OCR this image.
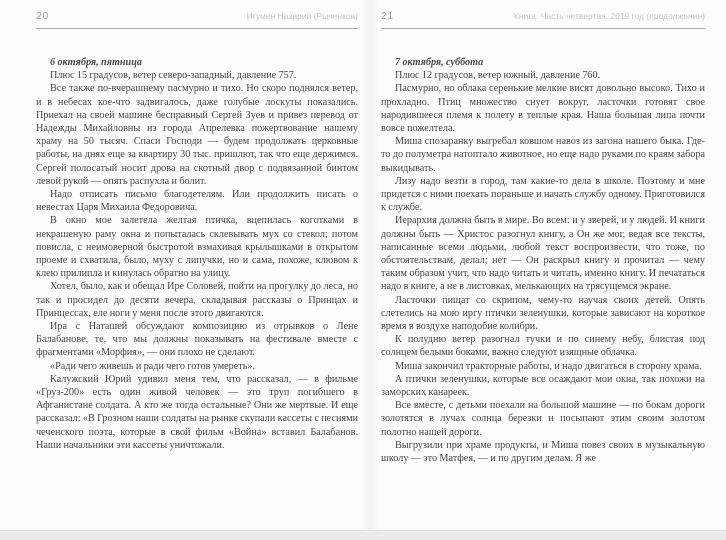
20	Игумен Назарий (Рыченков)

6 октября, пятница

Плюс 15 градусов, ветер северо-западный, давление 757.

Все также по-вчерашнему пасмурно и тихо. Но скоро поднялся ветер, и в небесах кое-что задвигалось, даже голубые лоскуты показались. Приехал на своей машине бесправный Сергей Зуев и привез перевод от Надежды Михайловны из города Апрелевка пожертвование нашему храму на 50 тысяч. Спаси Господи — будем продолжать церковные работы, на днях еще за квартиру 30 тыс. пришлют, так что еще держимся. Сергей полосатый носит дрова на скотный двор с подвязанной бинтом левой рукой — опять распухла и болит.

Надо отписать письмо благодетелям. Или продолжить писать о невестах Царя Михаила Федоровича.

В окно мое залетела желтая птичка, вцепилась коготками в некрашеную раму окна и попыталась склевывать мух со стекол; потом повисла, с неимоверной быстротой взмахивая крылышками в открытом проеме и схватила, было, муху с липучки, но и сама, похоже, клювом к клею прилипла и кинулась обратно на улицу.

Хотел, было, как и обещал Ире Соловей, пойти на прогулку до леса, но так и просидел до десяти вечера, складывая рассказы о Принцах и Принцессах, еле ноги у меня после этого двигаются.

Ира с Наташей обсуждают композицию из отрывков о Лене Балабанове, те, что мы должны показывать на фестивале вместе с фрагментами «Морфия», — они плохо не сделают.

«Ради чего живешь и ради чего готов умереть».

Калужский Юрий удивил меня тем, что рассказал, — в фильме «Груз-200» есть один живой человек — это труп погибшего в Афганистане солдата. А кто же тогда остальные? Они же мертвые. И еще рассказал: «В Грозном наши солдаты на рынке скупали кассеты с песнями чеченского поэта, которые в свой фильм «Война» вставил Балабанов. Наши начальники эти кассеты уничтожали.

21	Книга. Часть четвертая. 2019 год (продолжение)

7 октября, суббота

Плюс 12 градусов, ветер южный, давление 760.

Пасмурно, но облака серенькие мелкие висят довольно высоко. Тихо и прохладно. Птиц множество снует вокруг, ласточки готовят свое народившееся племя к полету в теплые края. Наша большая липа почти вовсе пожелтела.

Миша спозаранку выгребал ковшом навоз из загона нашего быка. Где-то до полуметра натоптало животное, но еще надо руками по краям забора выкидывать.

Лизу надо везти в город, там какие-то дела в школе. Поэтому и мне придется с ними поехать пораньше и начать службу одному. Приготовился к службе.

Иерархия должна быть в мире. Во всем: и у зверей, и у людей. И книги должны быть — Христос разогнул книгу, а Он же мог, ведая все тексты, написанные всеми людьми, любой текст воспроизвести, что тоже, по обстоятельствам, делал; нет — Он раскрыл книгу и прочитал — чему таким образом учит, что надо читать и читать, именно книгу. И печататься надо в книге, а не в листовках, мелькающих на трясущемся экране.

Ласточки пищат со скрипом, чему-то научая своих детей. Опять слетелись на мою иргу птички зеленушки, которые зависают на короткое время в воздухе наподобие колибри.

К полудню ветер разогнал тучки и по синему небу, блистая под солнцем белыми боками, важно следуют изящные облачка.

Миша закончил тракторные работы, и надо двигаться в сторону храма.

А птички зеленушки, которые все осаждают мои окна, так похожи на заморских канареек.

Все вместе, с детьми поехали на большой машине — по бокам дороги золотятся в лучах солнца березки и посыпают этим своим золотом полотно нашей дороги.

Выгрузили при храме продукты, и Миша повез своих в музыкальную школу — это Матфея, — и по другим делам. Я же
